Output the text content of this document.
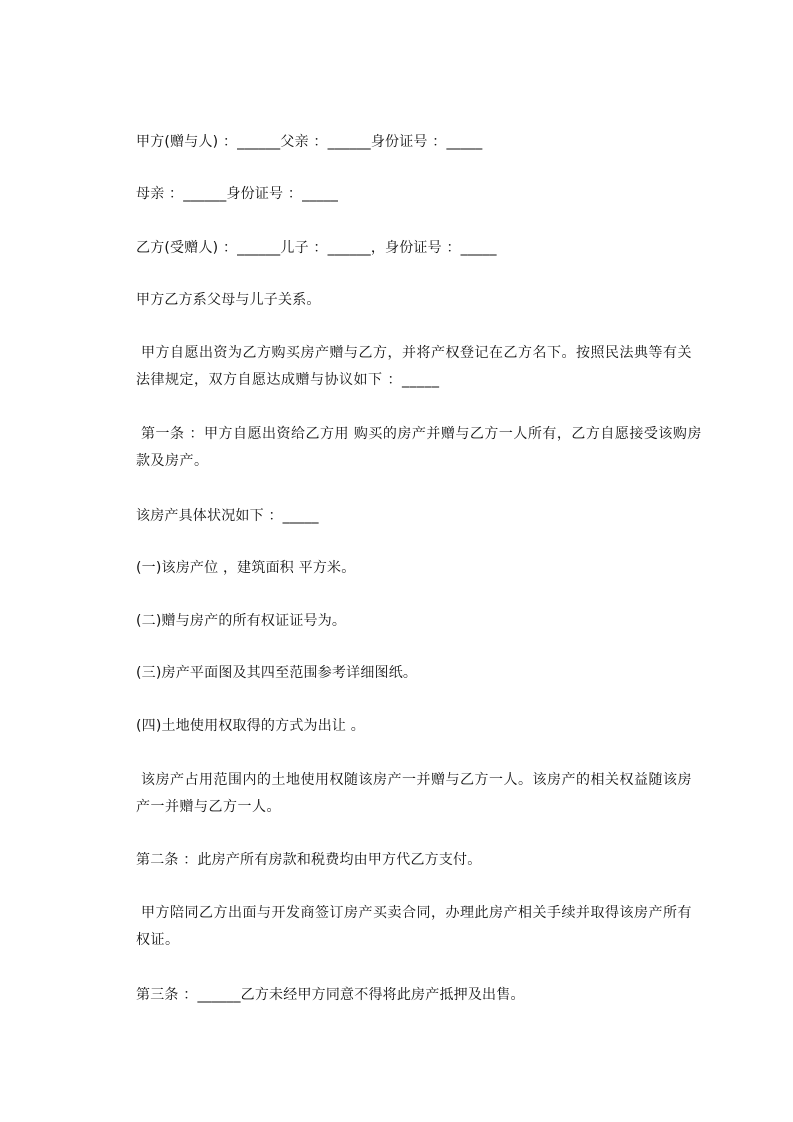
甲方(赠与人) ：______父亲 ：______身份证号 ：_____

母亲 ：______身份证号 ：_____

乙方(受赠人) ：______儿子 ：______，身份证号 ：_____

甲方乙方系父母与儿子关系。

甲方自愿出资为乙方购买房产赠与乙方，并将产权登记在乙方名下。按照民法典等有关法律规定，双方自愿达成赠与协议如下 ：_____

第一条 ：甲方自愿出资给乙方用 购买的房产并赠与乙方一人所有，乙方自愿接受该购房款及房产。

该房产具体状况如下 ：_____

(一)该房产位 ，建筑面积 平方米。

(二)赠与房产的所有权证证号为。

(三)房产平面图及其四至范围参考详细图纸。

(四)土地使用权取得的方式为出让 。

该房产占用范围内的土地使用权随该房产一并赠与乙方一人。该房产的相关权益随该房产一并赠与乙方一人。

第二条 ：此房产所有房款和税费均由甲方代乙方支付。

甲方陪同乙方出面与开发商签订房产买卖合同，办理此房产相关手续并取得该房产所有权证。

第三条 ：______乙方未经甲方同意不得将此房产抵押及出售。
